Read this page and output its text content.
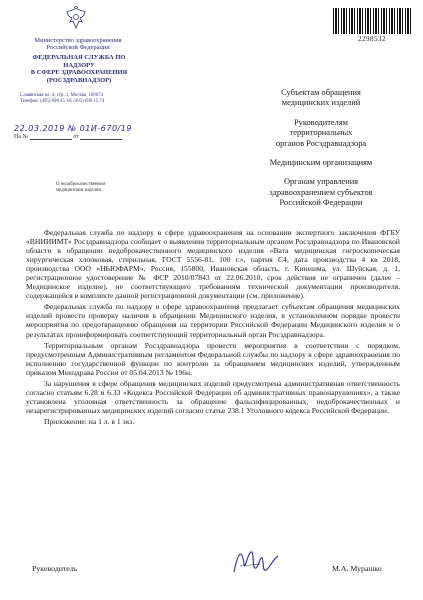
2298532
Министерство здравоохранения
Российской Федерации
ФЕДЕРАЛЬНАЯ СЛУЖБА ПО НАДЗОРУ
В СФЕРЕ ЗДРАВООХРАНЕНИЯ
(РОСЗДРАВНАДЗОР)
Славянская пл. 4, стр. 1, Москва, 109074
Телефон: (495) 698 45 38; (495) 698 15 74
22.03.2019 № 01И-670/19
На №	от
О недоброкачественном
медицинском изделии
Субъектам обращения
медицинских изделий
Руководителям
территориальных
органов Росздравнадзора
Медицинским организациям
Органам управления
здравоохранением субъектов
Российской Федерации

Федеральная служба по надзору в сфере здравоохранения на основании экспертного заключения ФГБУ «ВНИИИМТ» Росздравнадзора сообщает о выявлении территориальным органом Росздравнадзора по Ивановской области в обращении недоброкачественного медицинского изделия «Вата медицинская гигроскопическая хирургическая хлопковая, стерильная, ГОСТ 5556-81, 100 г.», партия С4, дата производства 4 кв 2018, производства ООО «НЬЮФАРМ», Россия, 155800, Ивановская область, г. Кинешма, ул. Шуйская, д. 1, регистрационное удостоверение № ФСР 2010/07843 от 22.06.2010, срок действия не ограничен (далее – Медицинское изделие), не соответствующего требованиям технической документации производителя, содержащейся в комплекте данной регистрационной документации (см. приложение).

Федеральная служба по надзору в сфере здравоохранения предлагает субъектам обращения медицинских изделий провести проверку наличия в обращении Медицинского изделия, в установленном порядке провести мероприятия по предотвращению обращения на территории Российской Федерации Медицинского изделия и о результатах проинформировать соответствующий территориальный орган Росздравнадзора.

Территориальным органам Росздравнадзора провести мероприятия в соответствии с порядком, предусмотренным Административным регламентом Федеральной службы по надзору в сфере здравоохранения по исполнению государственной функции по контролю за обращением медицинских изделий, утвержденным приказом Минздрава России от 05.04.2013 № 196н.

За нарушения в сфере обращения медицинских изделий предусмотрена административная ответственность согласно статьям 6.28 и 6.33 «Кодекса Российской Федерации об административных правонарушениях», а также установлена уголовная ответственность за обращение фальсифицированных, недоброкачественных и незарегистрированных медицинских изделий согласно статье 238.1 Уголовного кодекса Российской Федерации.

Приложение: на 1 л. в 1 экз.

Руководитель	М.А. Мурашко
